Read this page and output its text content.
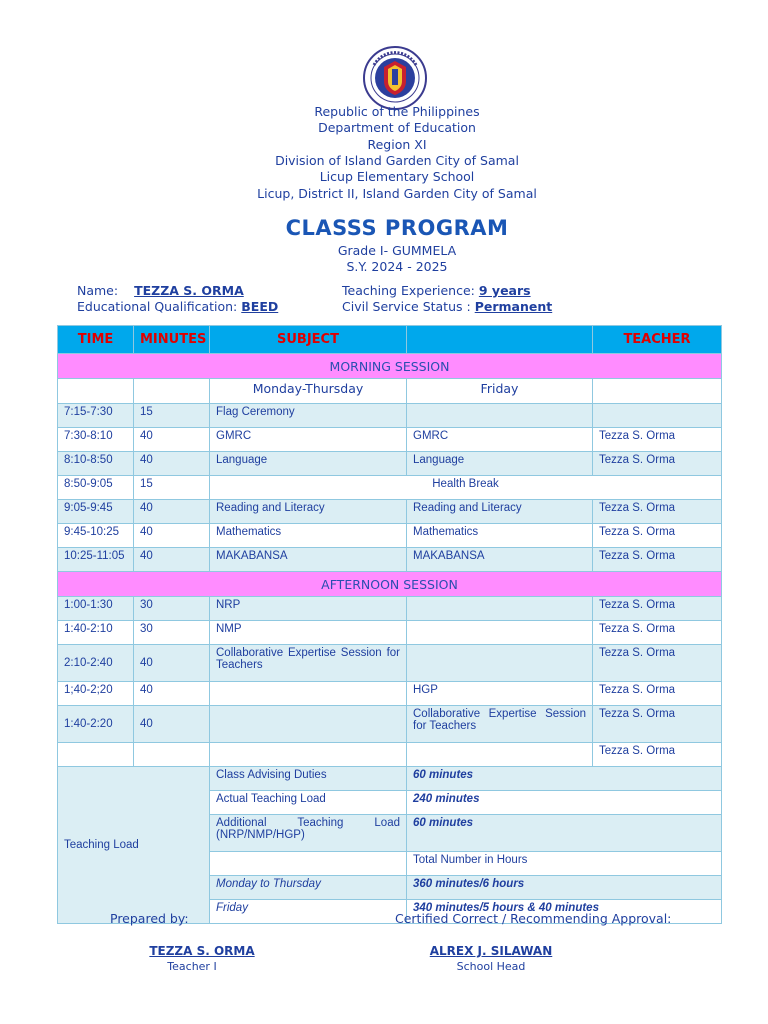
Republic of the Philippines
Department of Education
Region XI
Division of Island Garden City of Samal
Licup Elementary School
Licup, District II, Island Garden City of Samal
CLASSS PROGRAM
Grade I- GUMMELA
S.Y. 2024 - 2025
Name: TEZZA S. ORMA
Educational Qualification: BEED
Teaching Experience: 9 years
Civil Service Status : Permanent
TIME	MINUTES	SUBJECT		TEACHER
MORNING SESSION				
		Monday-Thursday	Friday	
7:15-7:30	15	Flag Ceremony		
7:30-8:10	40	GMRC	GMRC	Tezza S. Orma
8:10-8:50	40	Language	Language	Tezza S. Orma
8:50-9:05	15	Health Break		
9:05-9:45	40	Reading and Literacy	Reading and Literacy	Tezza S. Orma
9:45-10:25	40	Mathematics	Mathematics	Tezza S. Orma
10:25-11:05	40	MAKABANSA	MAKABANSA	Tezza S. Orma
AFTERNOON SESSION				
1:00-1:30	30	NRP		Tezza S. Orma
1:40-2:10	30	NMP		Tezza S. Orma
2:10-2:40	40	Collaborative Expertise Session for Teachers		Tezza S. Orma
1;40-2;20	40		HGP	Tezza S. Orma
1:40-2:20	40		Collaborative Expertise Session for Teachers	Tezza S. Orma
				Tezza S. Orma
Teaching Load		Class Advising Duties	60 minutes	
		Actual Teaching Load	240 minutes	
		Additional Teaching Load (NRP/NMP/HGP)	60 minutes	
			Total Number in Hours	
		Monday to Thursday	360 minutes/6 hours	
		Friday	340 minutes/5 hours & 40 minutes	
Prepared by:	Certified Correct / Recommending Approval:
TEZZA S. ORMA
Teacher I
ALREX J. SILAWAN
School Head
